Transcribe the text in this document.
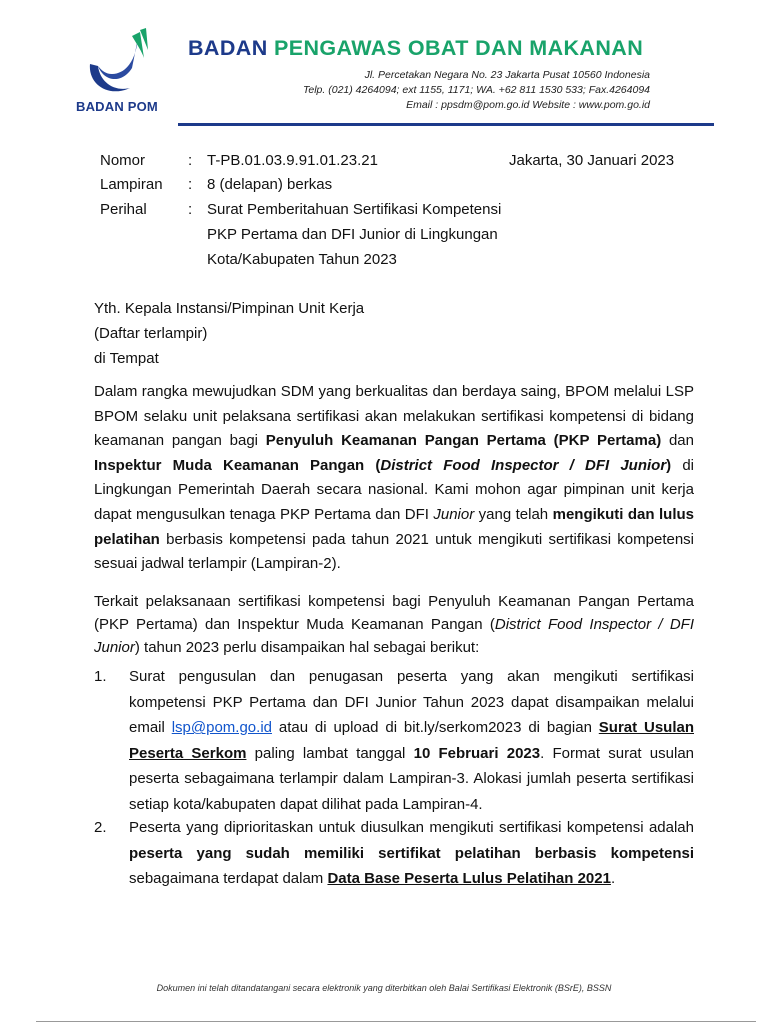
BADAN POM
BADAN PENGAWAS OBAT DAN MAKANAN
Jl. Percetakan Negara No. 23 Jakarta Pusat 10560 Indonesia
Telp. (021) 4264094; ext 1155, 1171; WA. +62 811 1530 533; Fax.4264094
Email : ppsdm@pom.go.id Website : www.pom.go.id
Nomor	: T-PB.01.03.9.91.01.23.21	Jakarta, 30 Januari 2023
Lampiran : 8 (delapan) berkas
Perihal	: Surat Pemberitahuan Sertifikasi Kompetensi
PKP Pertama dan DFI Junior di Lingkungan
Kota/Kabupaten Tahun 2023
Yth. Kepala Instansi/Pimpinan Unit Kerja
(Daftar terlampir)
di Tempat
Dalam rangka mewujudkan SDM yang berkualitas dan berdaya saing, BPOM melalui LSP BPOM selaku unit pelaksana sertifikasi akan melakukan sertifikasi kompetensi di bidang keamanan pangan bagi Penyuluh Keamanan Pangan Pertama (PKP Pertama) dan Inspektur Muda Keamanan Pangan (District Food Inspector / DFI Junior) di Lingkungan Pemerintah Daerah secara nasional. Kami mohon agar pimpinan unit kerja dapat mengusulkan tenaga PKP Pertama dan DFI Junior yang telah mengikuti dan lulus pelatihan berbasis kompetensi pada tahun 2021 untuk mengikuti sertifikasi kompetensi sesuai jadwal terlampir (Lampiran-2).
Terkait pelaksanaan sertifikasi kompetensi bagi Penyuluh Keamanan Pangan Pertama (PKP Pertama) dan Inspektur Muda Keamanan Pangan (District Food Inspector / DFI Junior) tahun 2023 perlu disampaikan hal sebagai berikut:
1. Surat pengusulan dan penugasan peserta yang akan mengikuti sertifikasi kompetensi PKP Pertama dan DFI Junior Tahun 2023 dapat disampaikan melalui email lsp@pom.go.id atau di upload di bit.ly/serkom2023 di bagian Surat Usulan Peserta Serkom paling lambat tanggal 10 Februari 2023. Format surat usulan peserta sebagaimana terlampir dalam Lampiran-3. Alokasi jumlah peserta sertifikasi setiap kota/kabupaten dapat dilihat pada Lampiran-4.
2. Peserta yang diprioritaskan untuk diusulkan mengikuti sertifikasi kompetensi adalah peserta yang sudah memiliki sertifikat pelatihan berbasis kompetensi sebagaimana terdapat dalam Data Base Peserta Lulus Pelatihan 2021.
Dokumen ini telah ditandatangani secara elektronik yang diterbitkan oleh Balai Sertifikasi Elektronik (BSrE), BSSN
